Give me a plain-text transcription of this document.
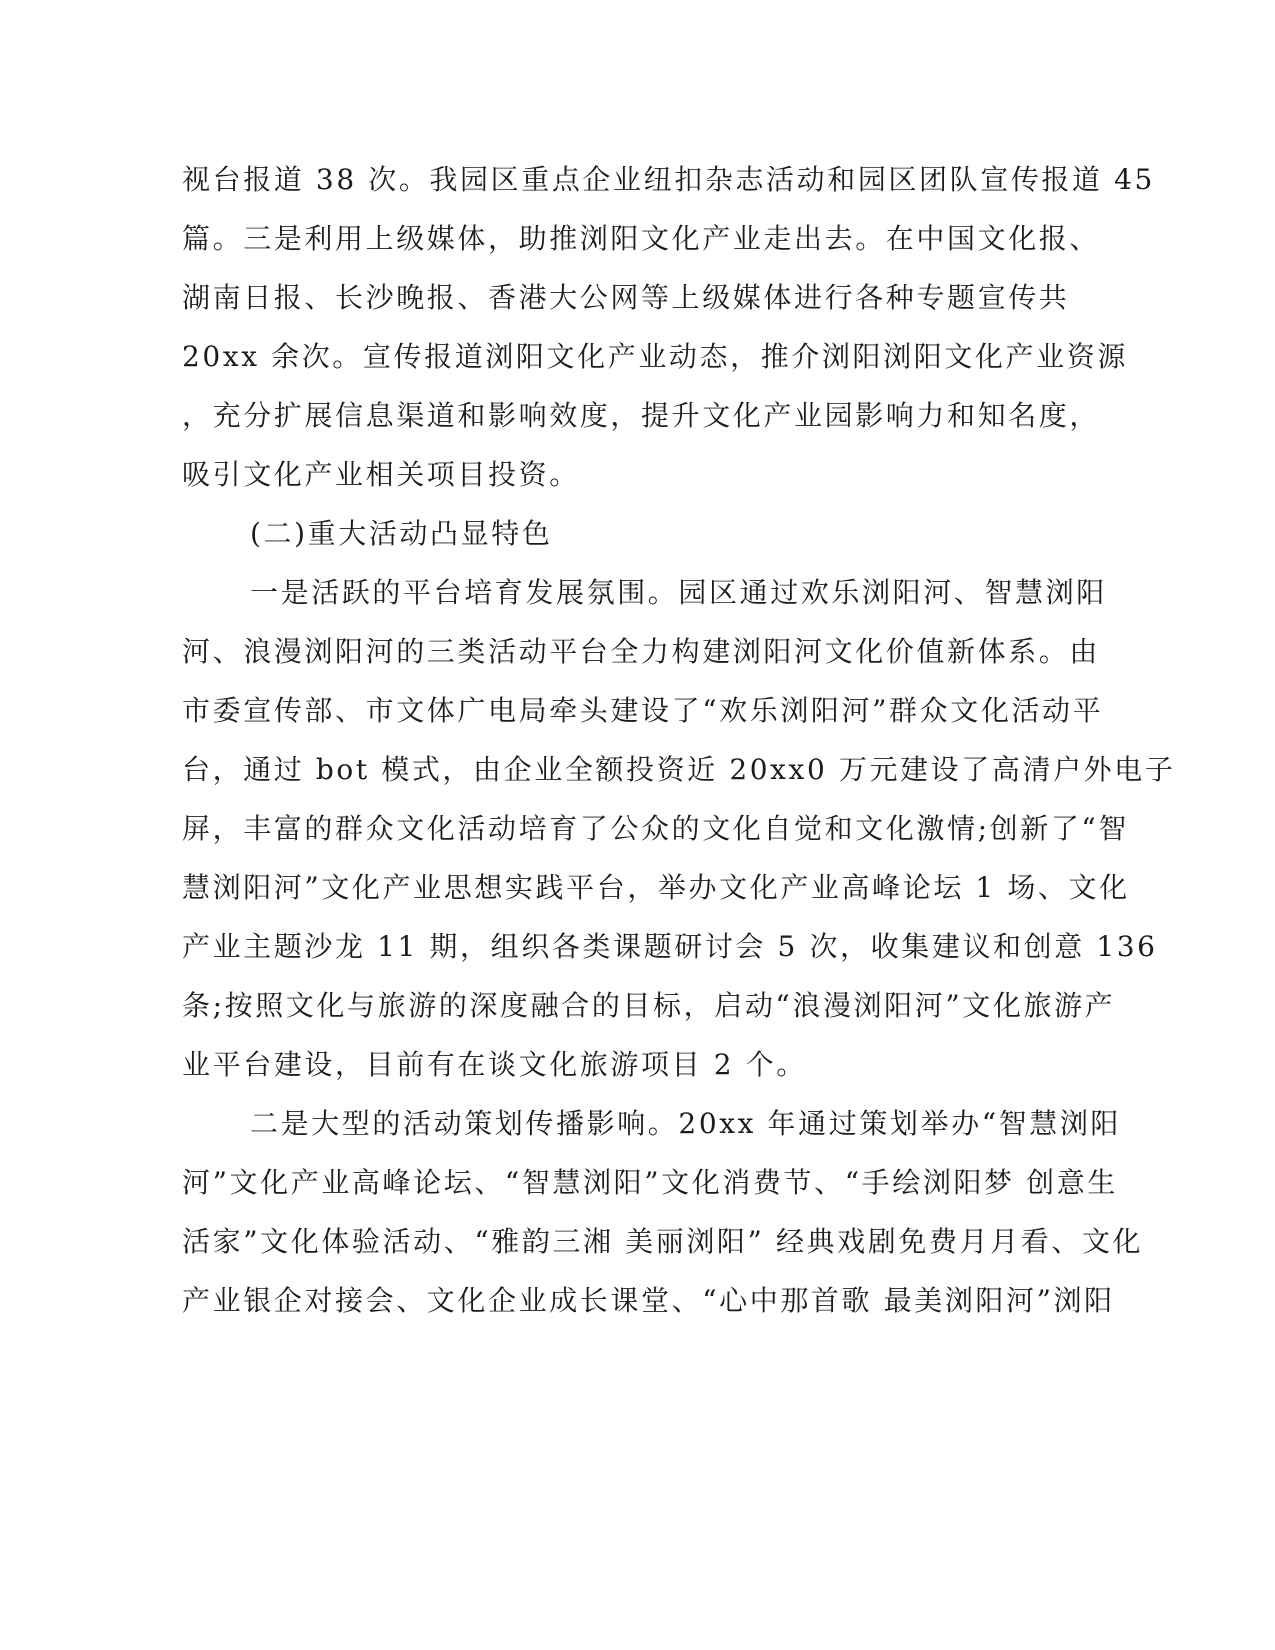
视台报道 38 次。我园区重点企业纽扣杂志活动和园区团队宣传报道 45
篇。三是利用上级媒体，助推浏阳文化产业走出去。在中国文化报、
湖南日报、长沙晚报、香港大公网等上级媒体进行各种专题宣传共
20xx 余次。宣传报道浏阳文化产业动态，推介浏阳浏阳文化产业资源
，充分扩展信息渠道和影响效度，提升文化产业园影响力和知名度，
吸引文化产业相关项目投资。
(二)重大活动凸显特色
一是活跃的平台培育发展氛围。园区通过欢乐浏阳河、智慧浏阳
河、浪漫浏阳河的三类活动平台全力构建浏阳河文化价值新体系。由
市委宣传部、市文体广电局牵头建设了“欢乐浏阳河”群众文化活动平
台，通过 bot 模式，由企业全额投资近 20xx0 万元建设了高清户外电子
屏，丰富的群众文化活动培育了公众的文化自觉和文化激情;创新了“智
慧浏阳河”文化产业思想实践平台，举办文化产业高峰论坛 1 场、文化
产业主题沙龙 11 期，组织各类课题研讨会 5 次，收集建议和创意 136
条;按照文化与旅游的深度融合的目标，启动“浪漫浏阳河”文化旅游产
业平台建设，目前有在谈文化旅游项目 2 个。
二是大型的活动策划传播影响。20xx 年通过策划举办“智慧浏阳
河”文化产业高峰论坛、“智慧浏阳”文化消费节、“手绘浏阳梦 创意生
活家”文化体验活动、“雅韵三湘 美丽浏阳” 经典戏剧免费月月看、文化
产业银企对接会、文化企业成长课堂、“心中那首歌 最美浏阳河”浏阳
